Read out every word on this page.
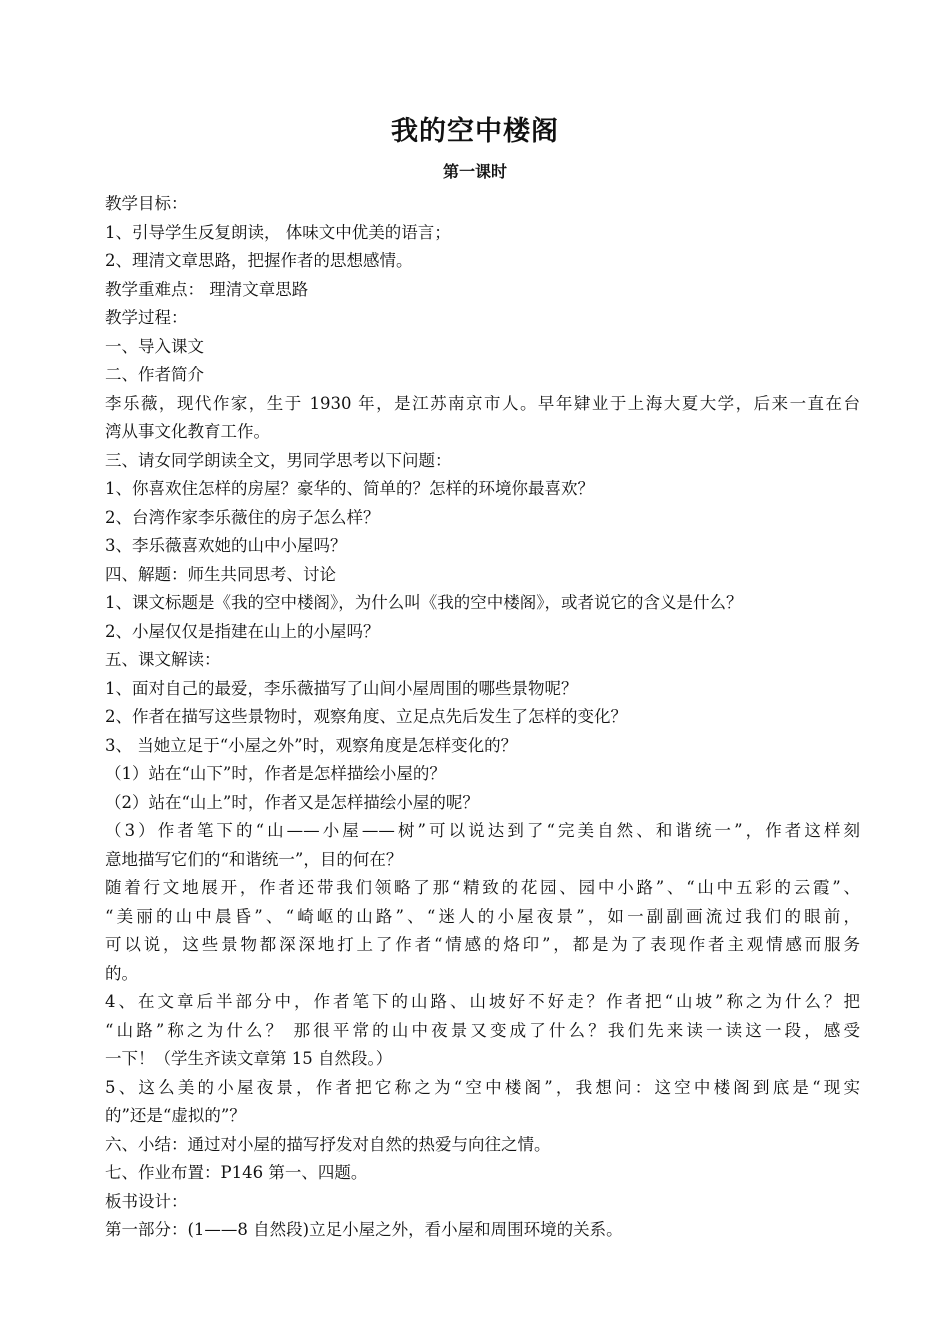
我的空中楼阁
第一课时
教学目标：
1、引导学生反复朗读， 体味文中优美的语言；
2、理清文章思路，把握作者的思想感情。
教学重难点： 理清文章思路
教学过程：
一、导入课文
二、作者简介
李乐薇，现代作家，生于 1930 年，是江苏南京市人。早年肄业于上海大夏大学，后来一直在台
湾从事文化教育工作。
三、请女同学朗读全文，男同学思考以下问题：
1、你喜欢住怎样的房屋？豪华的、简单的？怎样的环境你最喜欢？
2、台湾作家李乐薇住的房子怎么样？
3、李乐薇喜欢她的山中小屋吗？
四、解题：师生共同思考、讨论
1、课文标题是《我的空中楼阁》，为什么叫《我的空中楼阁》，或者说它的含义是什么？
2、小屋仅仅是指建在山上的小屋吗？
五、课文解读：
1、面对自己的最爱，李乐薇描写了山间小屋周围的哪些景物呢？
2、作者在描写这些景物时，观察角度、立足点先后发生了怎样的变化？
3、 当她立足于“小屋之外”时，观察角度是怎样变化的？
（1）站在“山下”时，作者是怎样描绘小屋的？
（2）站在“山上”时，作者又是怎样描绘小屋的呢？
（3）作者笔下的“山——小屋——树”可以说达到了“完美自然、和谐统一”，作者这样刻
意地描写它们的“和谐统一”，目的何在？
随着行文地展开，作者还带我们领略了那“精致的花园、园中小路”、“山中五彩的云霞”、
“美丽的山中晨昏”、“崎岖的山路”、“迷人的小屋夜景”，如一副副画流过我们的眼前，
可以说，这些景物都深深地打上了作者“情感的烙印”，都是为了表现作者主观情感而服务
的。
4、在文章后半部分中，作者笔下的山路、山坡好不好走？作者把“山坡”称之为什么？把
“山路”称之为什么？ 那很平常的山中夜景又变成了什么？我们先来读一读这一段，感受
一下！（学生齐读文章第 15 自然段。）
5、这么美的小屋夜景，作者把它称之为“空中楼阁”，我想问：这空中楼阁到底是“现实
的”还是“虚拟的”？
六、小结：通过对小屋的描写抒发对自然的热爱与向往之情。
七、作业布置：P146 第一、四题。
板书设计：
第一部分：(1——8 自然段)立足小屋之外，看小屋和周围环境的关系。
